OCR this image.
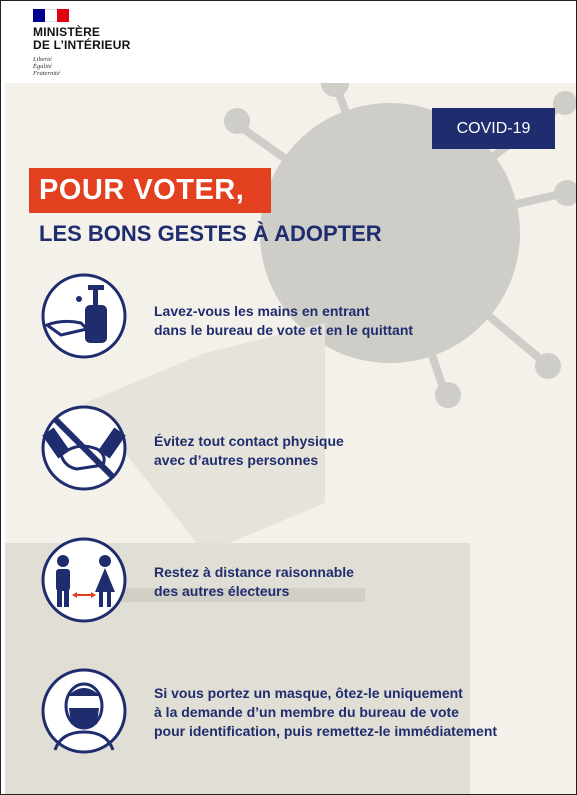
MINISTÈRE
DE L’INTÉRIEUR
Liberté
Égalité
Fraternité
COVID-19
POUR VOTER,
LES BONS GESTES À ADOPTER
Lavez-vous les mains en entrant
dans le bureau de vote et en le quittant
Évitez tout contact physique
avec d’autres personnes
Restez à distance raisonnable
des autres électeurs
Si vous portez un masque, ôtez-le uniquement
à la demande d’un membre du bureau de vote
pour identification, puis remettez-le immédiatement
